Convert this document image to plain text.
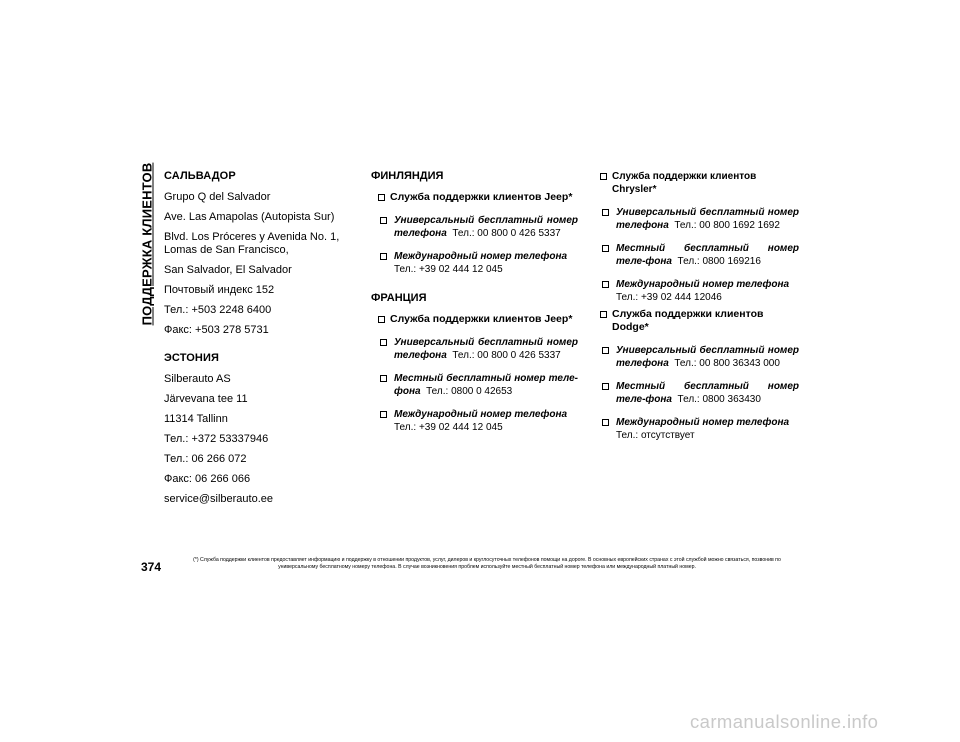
ПОДДЕРЖКА КЛИЕНТОВ САЛЬВАДОР
Grupo Q del Salvador
Ave. Las Amapolas (Autopista Sur)
Blvd. Los Próceres y Avenida No. 1, Lomas de San Francisco,
San Salvador, El Salvador
Почтовый индекс 152
Тел.: +503 2248 6400
Факс: +503 278 5731
ЭСТОНИЯ
Silberauto AS
Järvevana tee 11
11314 Tallinn
Тел.: +372 53337946
Тел.: 06 266 072
Факс: 06 266 066
service@silberauto.ee
ФИНЛЯНДИЯ
Служба поддержки клиентов Jeep*
Универсальный бесплатный номер телефона Тел.: 00 800 0 426 5337
Международный номер телефона
Тел.: +39 02 444 12 045
ФРАНЦИЯ
Служба поддержки клиентов Jeep*
Универсальный бесплатный номер телефона Тел.: 00 800 0 426 5337
Местный бесплатный номер теле-фона Тел.: 0800 0 42653
Международный номер телефона
Тел.: +39 02 444 12 045
Служба поддержки клиентов Chrysler*
Универсальный бесплатный номер телефона Тел.: 00 800 1692 1692
Местный бесплатный номер теле-фона Тел.: 0800 169216
Международный номер телефона
Тел.: +39 02 444 12046
Служба поддержки клиентов Dodge*
Универсальный бесплатный номер телефона Тел.: 00 800 36343 000
Местный бесплатный номер теле-фона Тел.: 0800 363430
Международный номер телефона
Тел.: отсутствует
374	(*) Служба поддержки клиентов предоставляет информацию и поддержку в отношении продуктов, услуг, дилеров и круглосуточных телефонов помощи на дороге. В основных европейских странах с этой службой можно связаться, позвонив по универсальному бесплатному номеру телефона. В случае возникновения проблем используйте местный бесплатный номер телефона или международный платный номер.
carmanualsonline.info
